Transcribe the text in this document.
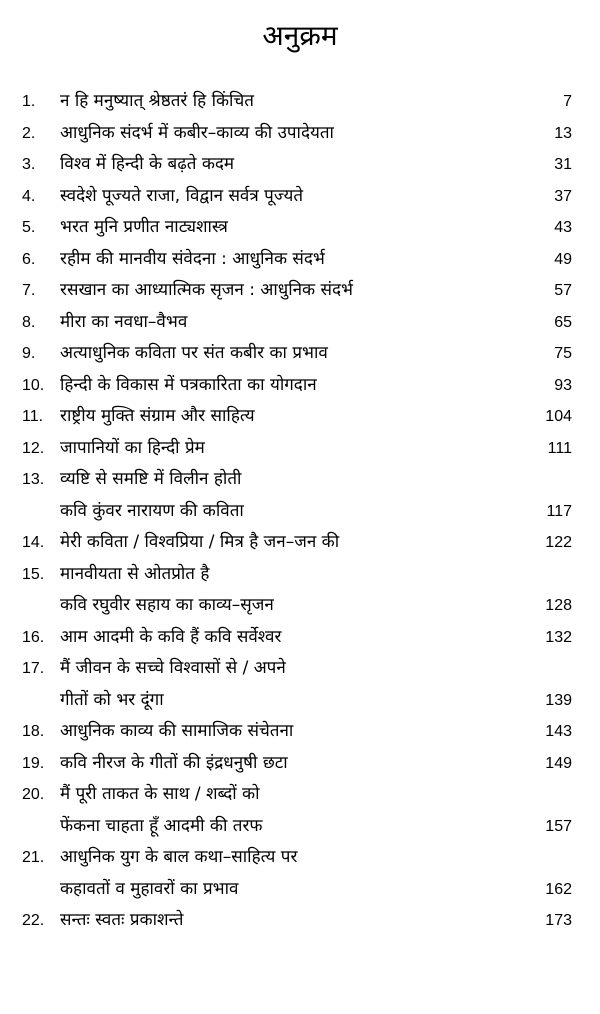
अनुक्रम
1.	न हि मनुष्यात् श्रेष्ठतरं हि किंचित	7
2.	आधुनिक संदर्भ में कबीर–काव्य की उपादेयता	13
3.	विश्व में हिन्दी के बढ़ते कदम	31
4.	स्वदेशे पूज्यते राजा, विद्वान सर्वत्र पूज्यते	37
5.	भरत मुनि प्रणीत नाट्यशास्त्र	43
6.	रहीम की मानवीय संवेदना : आधुनिक संदर्भ	49
7.	रसखान का आध्यात्मिक सृजन : आधुनिक संदर्भ	57
8.	मीरा का नवधा–वैभव	65
9.	अत्याधुनिक कविता पर संत कबीर का प्रभाव	75
10. हिन्दी के विकास में पत्रकारिता का योगदान	93
11. राष्ट्रीय मुक्ति संग्राम और साहित्य	104
12. जापानियों का हिन्दी प्रेम	111
13. व्यष्टि से समष्टि में विलीन होती
कवि कुंवर नारायण की कविता	117
14. मेरी कविता / विश्वप्रिया / मित्र है जन–जन की	122
15. मानवीयता से ओतप्रोत है
कवि रघुवीर सहाय का काव्य–सृजन	128
16. आम आदमी के कवि हैं कवि सर्वेश्वर	132
17. मैं जीवन के सच्चे विश्वासों से / अपने
गीतों को भर दूंगा	139
18. आधुनिक काव्य की सामाजिक संचेतना	143
19. कवि नीरज के गीतों की इंद्रधनुषी छटा	149
20. मैं पूरी ताकत के साथ / शब्दों को
फेंकना चाहता हूँ आदमी की तरफ	157
21. आधुनिक युग के बाल कथा–साहित्य पर
कहावतों व मुहावरों का प्रभाव	162
22. सन्तः स्वतः प्रकाशन्ते	173
